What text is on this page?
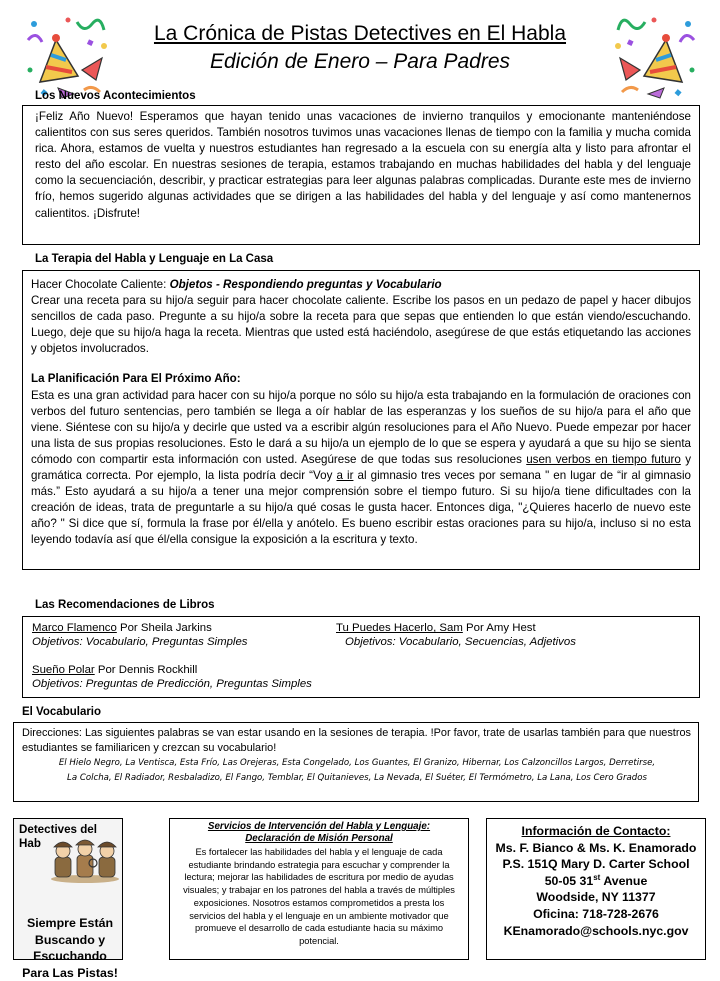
La Crónica de Pistas Detectives en El Habla
Edición de Enero – Para Padres
Los Nuevos Acontecimientos

¡Feliz Año Nuevo! Esperamos que hayan tenido unas vacaciones de invierno tranquilos y emocionante manteniéndose calientitos con sus seres queridos. También nosotros tuvimos unas vacaciones llenas de tiempo con la familia y mucha comida rica. Ahora, estamos de vuelta y nuestros estudiantes han regresado a la escuela con su energía alta y listo para afrontar el resto del año escolar. En nuestras sesiones de terapia, estamos trabajando en muchas habilidades del habla y del lenguaje como la secuenciación, describir, y practicar estrategias para leer algunas palabras complicadas. Durante este mes de invierno frío, hemos sugerido algunas actividades que se dirigen a las habilidades del habla y del lenguaje y así como mantenernos calientitos. ¡Disfrute!

La Terapia del Habla y Lenguaje en La Casa

Hacer Chocolate Caliente: Objetos - Respondiendo preguntas y Vocabulario

Crear una receta para su hijo/a seguir para hacer chocolate caliente. Escribe los pasos en un pedazo de papel y hacer dibujos sencillos de cada paso. Pregunte a su hijo/a sobre la receta para que sepas que entienden lo que están viendo/escuchando. Luego, deje que su hijo/a haga la receta. Mientras que usted está haciéndolo, asegúrese de que estás etiquetando las acciones y objetos involucrados.

La Planificación Para El Próximo Año:

Esta es una gran actividad para hacer con su hijo/a porque no sólo su hijo/a esta trabajando en la formulación de oraciones con verbos del futuro sentencias, pero también se llega a oír hablar de las esperanzas y los sueños de su hijo/a para el año que viene. Siéntese con su hijo/a y decirle que usted va a escribir algún resoluciones para el Año Nuevo. Puede empezar por hacer una lista de sus propias resoluciones. Esto le dará a su hijo/a un ejemplo de lo que se espera y ayudará a que su hijo se sienta cómodo con compartir esta información con usted. Asegúrese de que todas sus resoluciones usen verbos en tiempo futuro y gramática correcta. Por ejemplo, la lista podría decir “Voy a ir al gimnasio tres veces por semana " en lugar de “ir al gimnasio más.” Esto ayudará a su hijo/a a tener una mejor comprensión sobre el tiempo futuro. Si su hijo/a tiene dificultades con la creación de ideas, trata de preguntarle a su hijo/a qué cosas le gusta hacer. Entonces diga, "¿Quieres hacerlo de nuevo este año? " Si dice que sí, formula la frase por él/ella y anótelo. Es bueno escribir estas oraciones para su hijo/a, incluso si no esta leyendo todavía así que él/ella consigue la exposición a la escritura y texto.

Las Recomendaciones de Libros
Marco Flamenco Por Sheila Jarkins
Objetivos: Vocabulario, Preguntas Simples
Sueño Polar Por Dennis Rockhill
Objetivos: Preguntas de Predicción, Preguntas Simples
Tu Puedes Hacerlo, Sam Por Amy Hest
Objetivos: Vocabulario, Secuencias, Adjetivos
El Vocabulario

Direcciones: Las siguientes palabras se van estar usando en la sesiones de terapia. !Por favor, trate de usarlas también para que nuestros estudiantes se familiaricen y crezcan su vocabulario!

El Hielo Negro, La Ventisca, Esta Frío, Las Orejeras, Esta Congelado, Los Guantes, El Granizo, Hibernar, Los Calzoncillos Largos, Derretirse,
La Colcha, El Radiador, Resbaladizo, El Fango, Temblar, El Quitanieves, La Nevada, El Suéter, El Termómetro, La Lana, Los Cero Grados
Detectives del Hab
Siempre Están Buscando y Escuchando Para Las Pistas!
Servicios de Intervención del Habla y Lenguaje:
Declaración de Misión Personal
Es fortalecer las habilidades del habla y el lenguaje de cada estudiante brindando estrategia para escuchar y comprender la lectura; mejorar las habilidades de escritura por medio de ayudas visuales; y trabajar en los patrones del habla a través de múltiples exposiciones. Nosotros estamos comprometidos a presta los servicios del habla y el lenguaje en un ambiente motivador que promueve el desarrollo de cada estudiante hacia su máximo potencial.
Información de Contacto:
Ms. F. Bianco & Ms. K. Enamorado
P.S. 151Q Mary D. Carter School
50-05 31st Avenue
Woodside, NY 11377
Oficina: 718-728-2676
KEnamorado@schools.nyc.gov
